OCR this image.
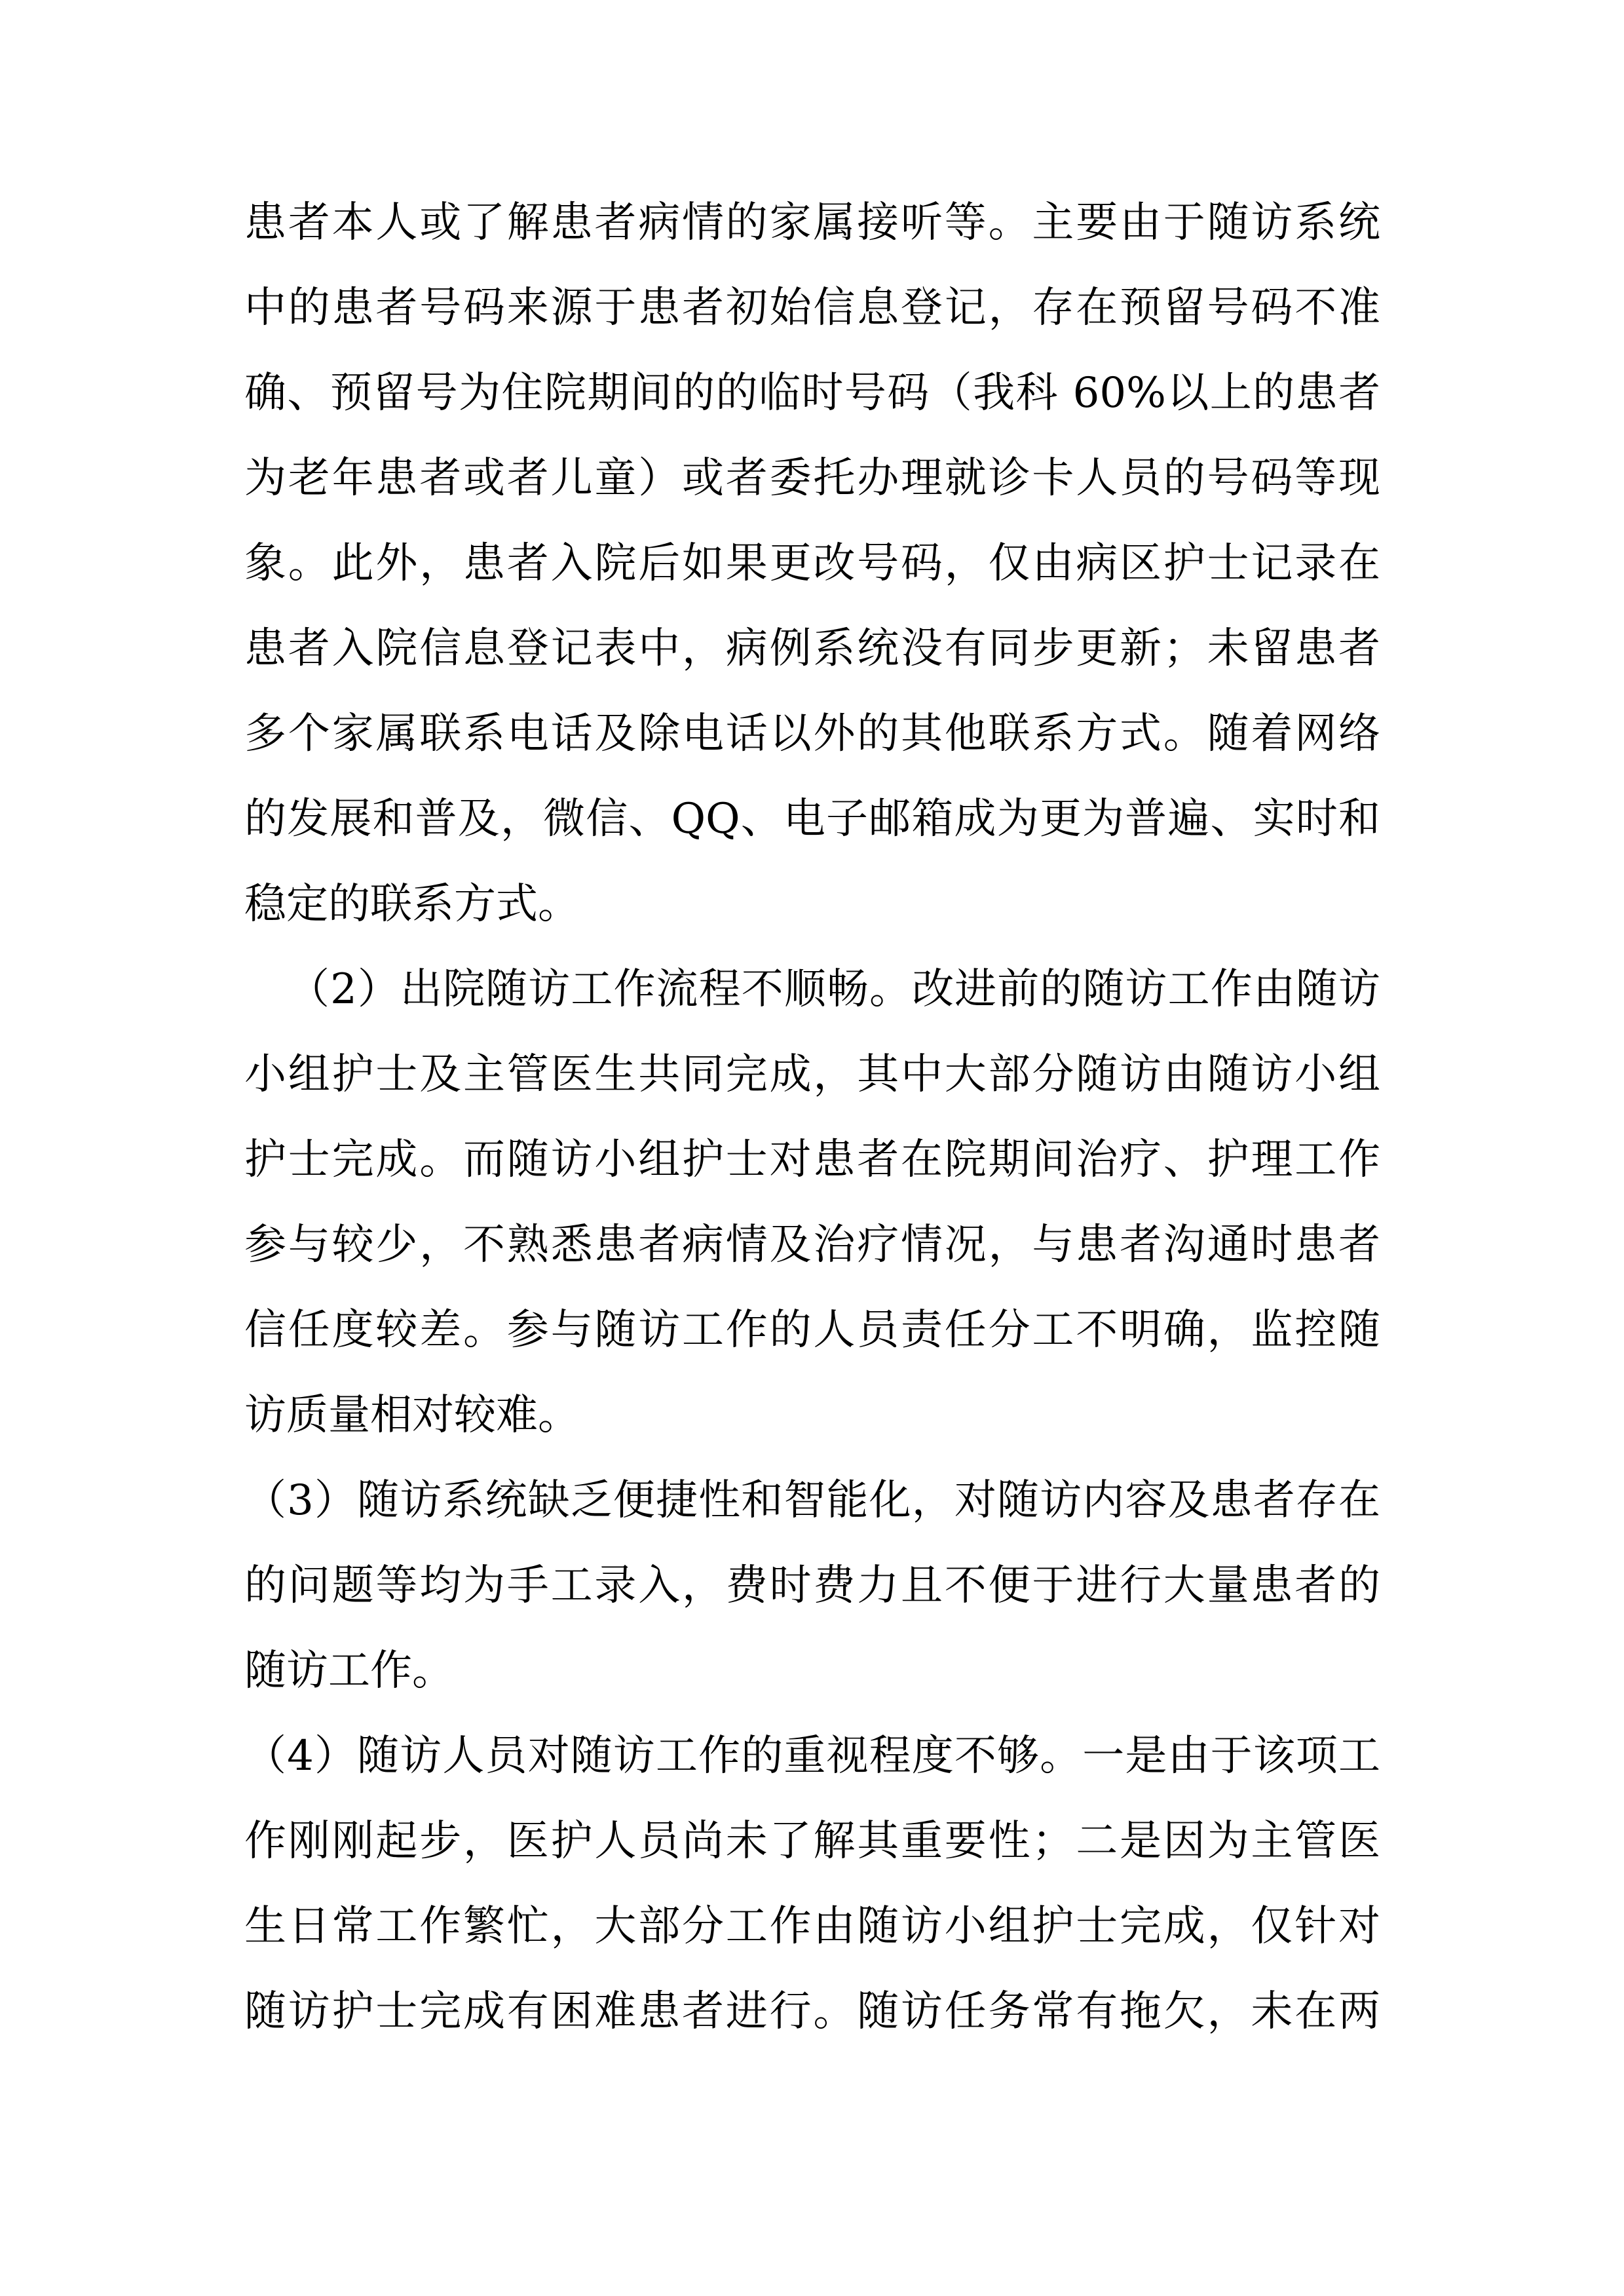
患者本人或了解患者病情的家属接听等。主要由于随访系统
中的患者号码来源于患者初始信息登记，存在预留号码不准
确、预留号为住院期间的的临时号码（我科 60%以上的患者
为老年患者或者儿童）或者委托办理就诊卡人员的号码等现
象。此外，患者入院后如果更改号码，仅由病区护士记录在
患者入院信息登记表中，病例系统没有同步更新；未留患者
多个家属联系电话及除电话以外的其他联系方式。随着网络
的发展和普及，微信、QQ、电子邮箱成为更为普遍、实时和
稳定的联系方式。
（2）出院随访工作流程不顺畅。改进前的随访工作由随访
小组护士及主管医生共同完成，其中大部分随访由随访小组
护士完成。而随访小组护士对患者在院期间治疗、护理工作
参与较少，不熟悉患者病情及治疗情况，与患者沟通时患者
信任度较差。参与随访工作的人员责任分工不明确，监控随
访质量相对较难。
（3）随访系统缺乏便捷性和智能化，对随访内容及患者存在
的问题等均为手工录入，费时费力且不便于进行大量患者的
随访工作。
（4）随访人员对随访工作的重视程度不够。一是由于该项工
作刚刚起步，医护人员尚未了解其重要性；二是因为主管医
生日常工作繁忙，大部分工作由随访小组护士完成，仅针对
随访护士完成有困难患者进行。随访任务常有拖欠，未在两
